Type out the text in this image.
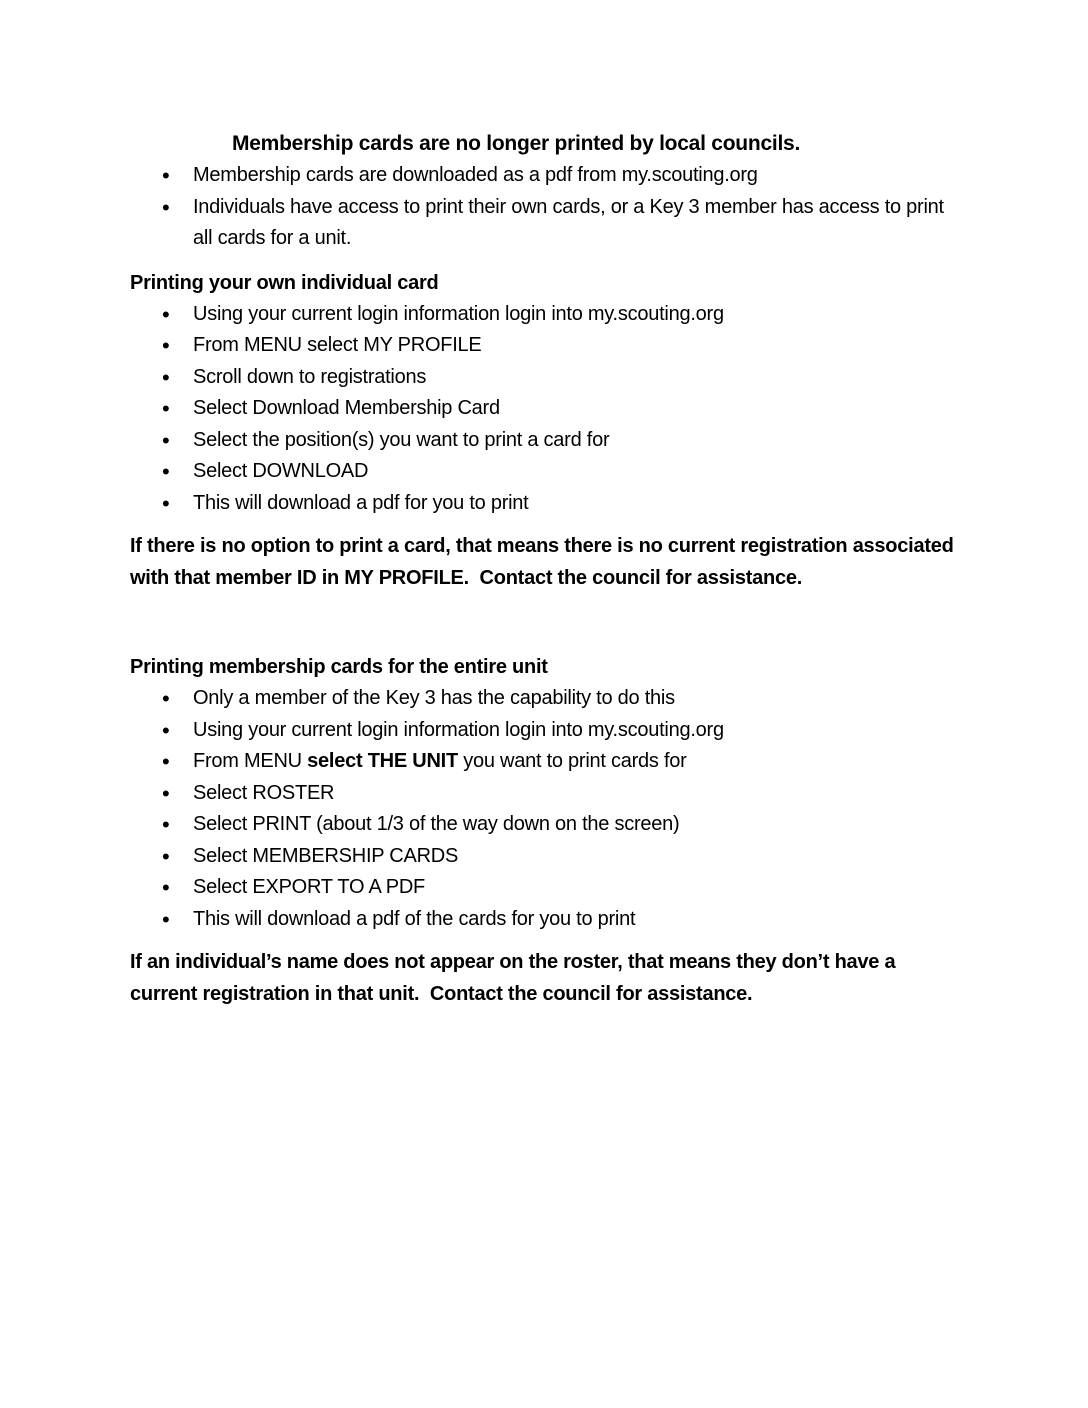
Membership cards are no longer printed by local councils.
• Membership cards are downloaded as a pdf from my.scouting.org
• Individuals have access to print their own cards, or a Key 3 member has access to print all cards for a unit.
Printing your own individual card
• Using your current login information login into my.scouting.org
• From MENU select MY PROFILE
• Scroll down to registrations
• Select Download Membership Card
• Select the position(s) you want to print a card for
• Select DOWNLOAD
• This will download a pdf for you to print

If there is no option to print a card, that means there is no current registration associated with that member ID in MY PROFILE.  Contact the council for assistance.

Printing membership cards for the entire unit
• Only a member of the Key 3 has the capability to do this
• Using your current login information login into my.scouting.org
• From MENU select THE UNIT you want to print cards for
• Select ROSTER
• Select PRINT (about 1/3 of the way down on the screen)
• Select MEMBERSHIP CARDS
• Select EXPORT TO A PDF
• This will download a pdf of the cards for you to print

If an individual’s name does not appear on the roster, that means they don’t have a current registration in that unit.  Contact the council for assistance.
